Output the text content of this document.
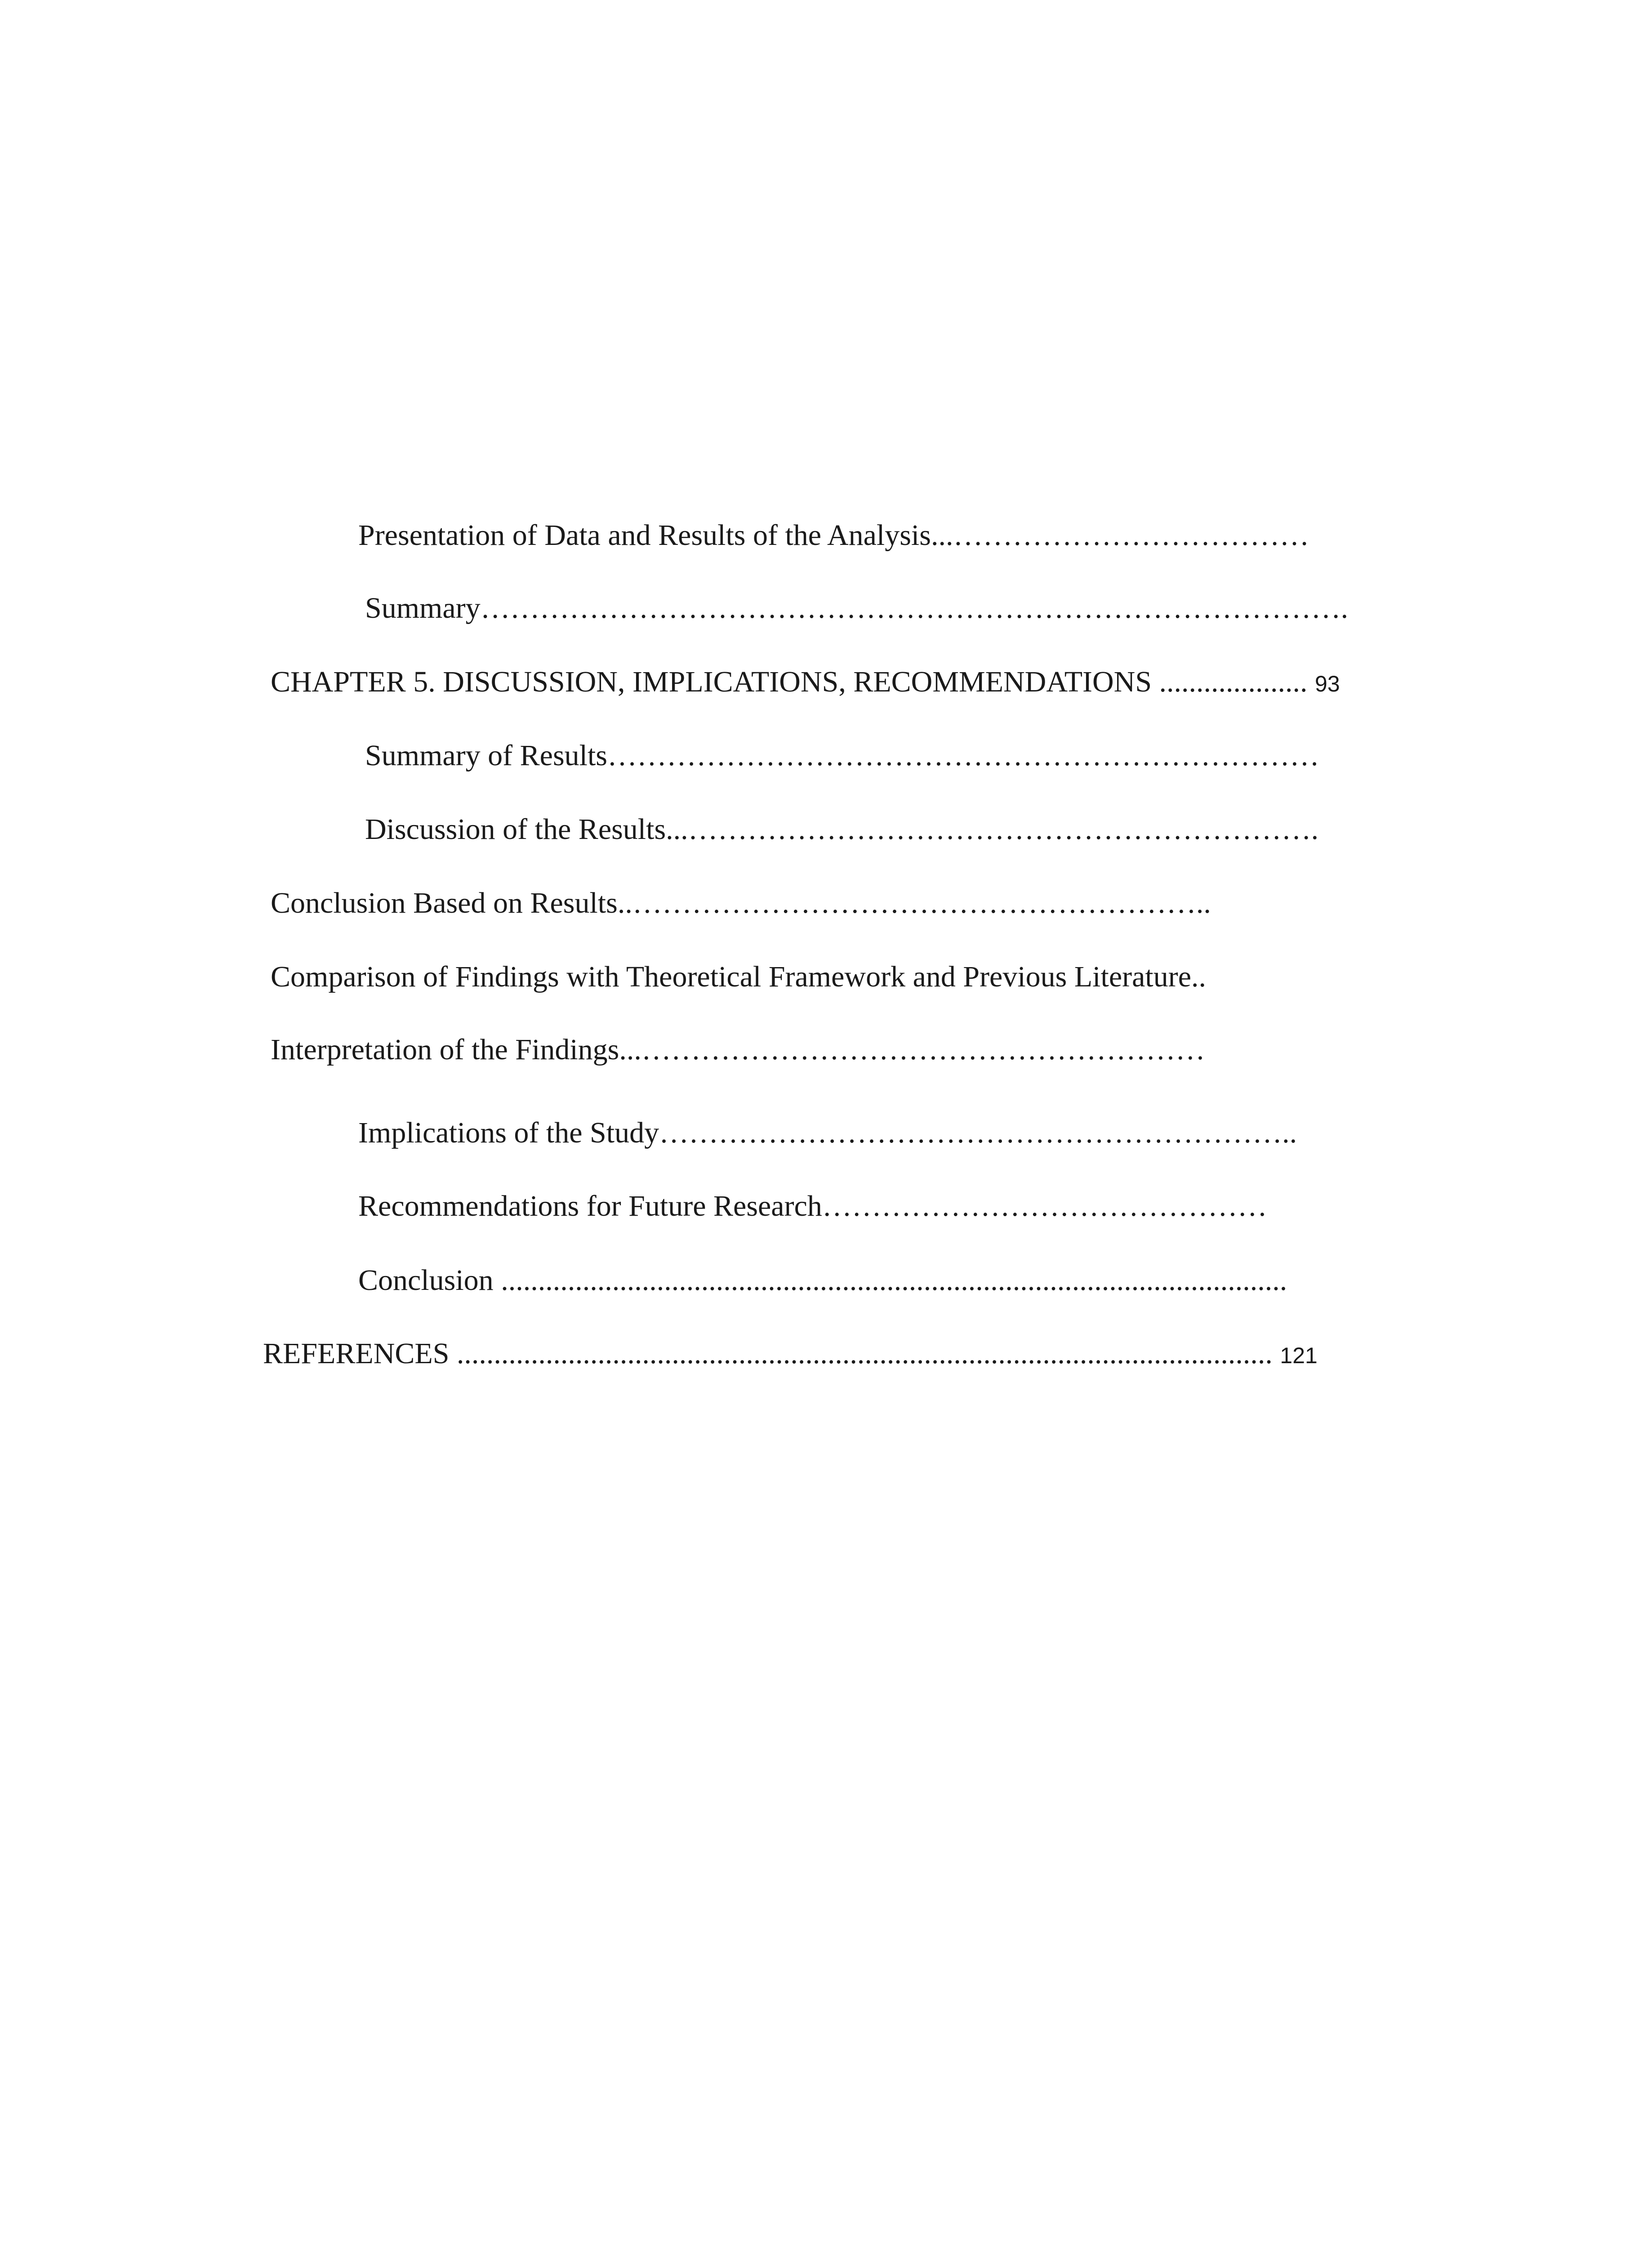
Presentation of Data and Results of the Analysis...………………………………
Summary…………………………………………………………………………….
CHAPTER 5. DISCUSSION, IMPLICATIONS, RECOMMENDATIONS .................... 93
Summary of Results………………………………………………………………
Discussion of the Results...……………………………………………………….
Conclusion Based on Results..…………………………………………………..
Comparison of Findings with Theoretical Framework and Previous Literature..
Interpretation of the Findings...…………………………………………………
Implications of the Study………………………………………………………..
Recommendations for Future Research………………………………………
Conclusion ..........................................................................................................
REFERENCES .............................................................................................................. 121
